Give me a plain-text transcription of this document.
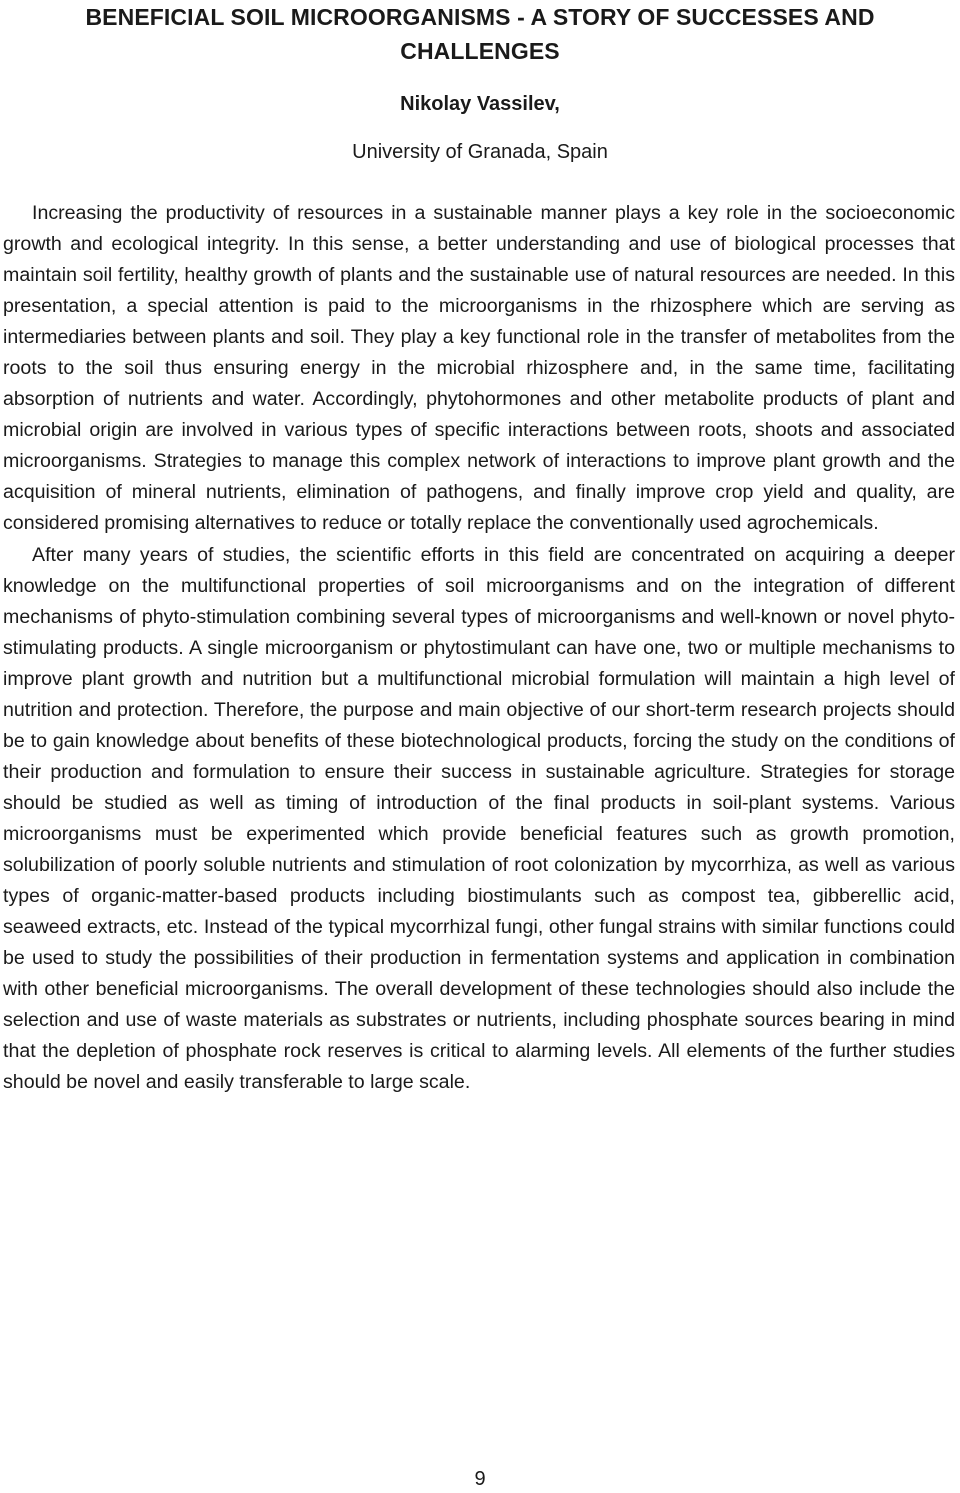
BENEFICIAL SOIL MICROORGANISMS - A STORY OF SUCCESSES AND CHALLENGES

Nikolay Vassilev,

University of Granada, Spain

Increasing the productivity of resources in a sustainable manner plays a key role in the socioeconomic growth and ecological integrity. In this sense, a better understanding and use of biological processes that maintain soil fertility, healthy growth of plants and the sustainable use of natural resources are needed. In this presentation, a special attention is paid to the microorganisms in the rhizosphere which are serving as intermediaries between plants and soil. They play a key functional role in the transfer of metabolites from the roots to the soil thus ensuring energy in the microbial rhizosphere and, in the same time, facilitating absorption of nutrients and water. Accordingly, phytohormones and other metabolite products of plant and microbial origin are involved in various types of specific interactions between roots, shoots and associated microorganisms. Strategies to manage this complex network of interactions to improve plant growth and the acquisition of mineral nutrients, elimination of pathogens, and finally improve crop yield and quality, are considered promising alternatives to reduce or totally replace the conventionally used agrochemicals.

After many years of studies, the scientific efforts in this field are concentrated on acquiring a deeper knowledge on the multifunctional properties of soil microorganisms and on the integration of different mechanisms of phyto-stimulation combining several types of microorganisms and well-known or novel phyto-stimulating products. A single microorganism or phytostimulant can have one, two or multiple mechanisms to improve plant growth and nutrition but a multifunctional microbial formulation will maintain a high level of nutrition and protection. Therefore, the purpose and main objective of our short-term research projects should be to gain knowledge about benefits of these biotechnological products, forcing the study on the conditions of their production and formulation to ensure their success in sustainable agriculture. Strategies for storage should be studied as well as timing of introduction of the final products in soil-plant systems. Various microorganisms must be experimented which provide beneficial features such as growth promotion, solubilization of poorly soluble nutrients and stimulation of root colonization by mycorrhiza, as well as various types of organic-matter-based products including biostimulants such as compost tea, gibberellic acid, seaweed extracts, etc. Instead of the typical mycorrhizal fungi, other fungal strains with similar functions could be used to study the possibilities of their production in fermentation systems and application in combination with other beneficial microorganisms. The overall development of these technologies should also include the selection and use of waste materials as substrates or nutrients, including phosphate sources bearing in mind that the depletion of phosphate rock reserves is critical to alarming levels. All elements of the further studies should be novel and easily transferable to large scale.

9
